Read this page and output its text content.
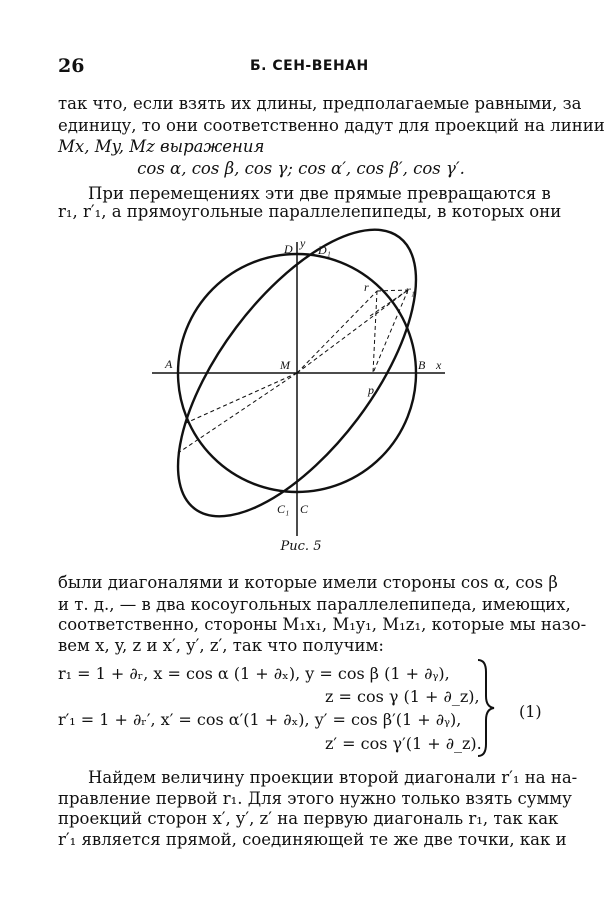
26	Б. СЕН-ВЕНАН
так что, если взять их длины, предполагаемые равными, за
единицу, то они соответственно дадут для проекций на линии
Mx, My, Mz выражения
cos α, cos β, cos γ; cos α′, cos β′, cos γ′.
При перемещениях эти две прямые превращаются в
r₁, r′₁, а прямоугольные параллелепипеды, в которых они
D D₁
y
r	r₁
A	M	B x
p
C₁ C
Рис. 5
были диагоналями и которые имели стороны cos α, cos β
и т. д., — в два косоугольных параллелепипеда, имеющих,
соответственно, стороны M₁x₁, M₁y₁, M₁z₁, которые мы назо-
вем x, y, z и x′, y′, z′, так что получим:
r₁ = 1 + ∂ᵣ, x = cos α (1 + ∂ₓ), y = cos β (1 + ∂ᵧ),
z = cos γ (1 + ∂_z),
r′₁ = 1 + ∂ᵣ′, x′ = cos α′(1 + ∂ₓ), y′ = cos β′(1 + ∂ᵧ),
z′ = cos γ′(1 + ∂_z).
(1)
Найдем величину проекции второй диагонали r′₁ на на-
правление первой r₁. Для этого нужно только взять сумму
проекций сторон x′, y′, z′ на первую диагональ r₁, так как
r′₁ является прямой, соединяющей те же две точки, как и
